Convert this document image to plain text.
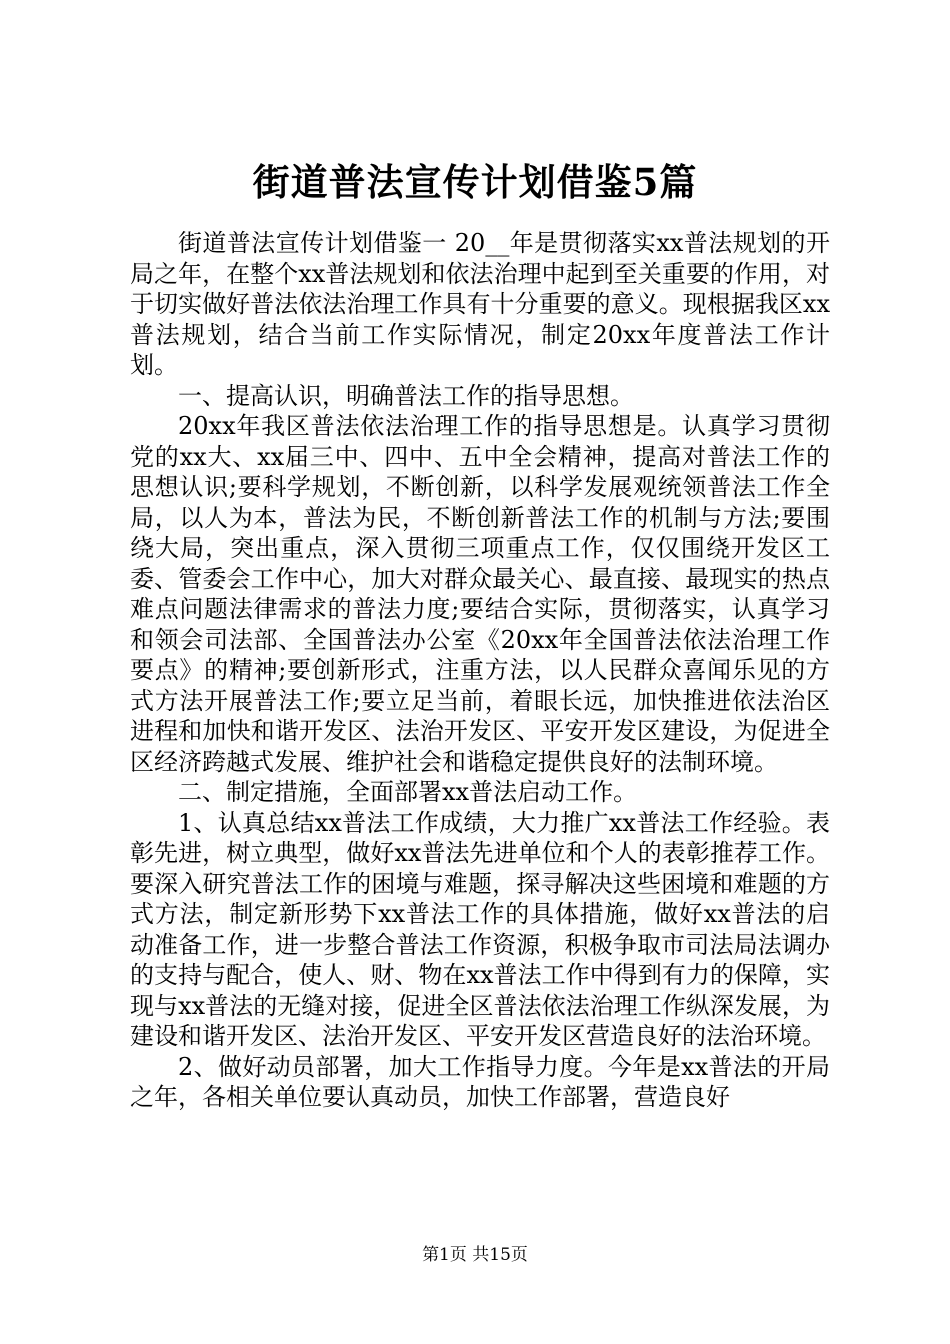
街道普法宣传计划借鉴5篇

街道普法宣传计划借鉴一 20__年是贯彻落实xx普法规划的开局之年，在整个xx普法规划和依法治理中起到至关重要的作用，对于切实做好普法依法治理工作具有十分重要的意义。现根据我区xx普法规划，结合当前工作实际情况，制定20xx年度普法工作计划。

一、提高认识，明确普法工作的指导思想。

20xx年我区普法依法治理工作的指导思想是。认真学习贯彻党的xx大、xx届三中、四中、五中全会精神，提高对普法工作的思想认识;要科学规划，不断创新，以科学发展观统领普法工作全局，以人为本，普法为民，不断创新普法工作的机制与方法;要围绕大局，突出重点，深入贯彻三项重点工作，仅仅围绕开发区工委、管委会工作中心，加大对群众最关心、最直接、最现实的热点难点问题法律需求的普法力度;要结合实际，贯彻落实，认真学习和领会司法部、全国普法办公室《20xx年全国普法依法治理工作要点》的精神;要创新形式，注重方法，以人民群众喜闻乐见的方式方法开展普法工作;要立足当前，着眼长远，加快推进依法治区进程和加快和谐开发区、法治开发区、平安开发区建设，为促进全区经济跨越式发展、维护社会和谐稳定提供良好的法制环境。

二、制定措施，全面部署xx普法启动工作。

1、认真总结xx普法工作成绩，大力推广xx普法工作经验。表彰先进，树立典型，做好xx普法先进单位和个人的表彰推荐工作。要深入研究普法工作的困境与难题，探寻解决这些困境和难题的方式方法，制定新形势下xx普法工作的具体措施，做好xx普法的启动准备工作，进一步整合普法工作资源，积极争取市司法局法调办的支持与配合，使人、财、物在xx普法工作中得到有力的保障，实现与xx普法的无缝对接，促进全区普法依法治理工作纵深发展，为建设和谐开发区、法治开发区、平安开发区营造良好的法治环境。

2、做好动员部署，加大工作指导力度。今年是xx普法的开局之年，各相关单位要认真动员，加快工作部署，营造良好

第1页 共15页
